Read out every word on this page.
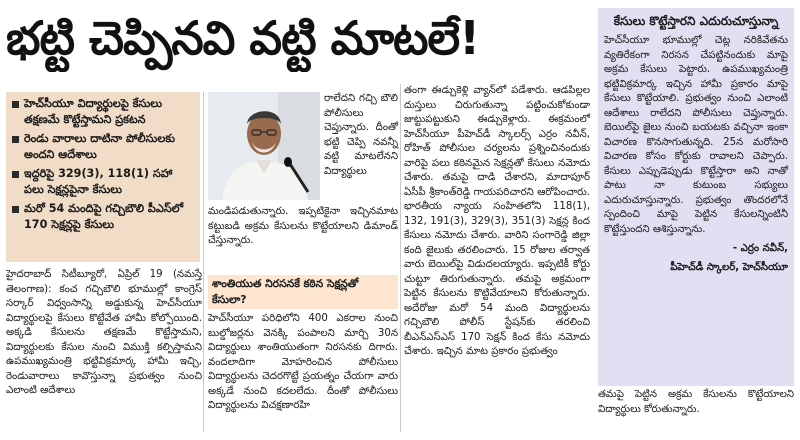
భట్టి చెప్పినవి వట్టి మాటలే!
హెచ్‌సీయూ విద్యార్థులపై కేసులు తక్షణమే కొట్టేస్తామని ప్రకటన
రెండు వారాలు దాటినా పోలీసులకు అందని ఆదేశాలు
ఇద్దరిపై 329(3), 118(1) సహా పలు సెక్షన్లపైనా కేసులు
మరో 54 మందిపై గచ్చిబౌలి పీఎస్‌లో 170 సెక్షన్లపై కేసులు
రాలేదని గచ్చి బౌలి పోలీసులు చెప్తున్నారు. దీంతో భట్టి చెప్పి నవన్నీ వట్టి మాటలేనని విద్యార్థులు
హైదరాబాద్ సిటీబ్యూరో, ఏప్రిల్ 19 (నమస్తే తెలంగాణ): కంచ గచ్చిబౌలి భూముల్లో కాంగ్రెస్ సర్కార్ విధ్వంసాన్ని అడ్డుకున్న హెచ్‌సీయూ విద్యార్థులపై కేసులు కొట్టేవేత హామీ కోల్పోయింది. అక్కడి కేసులను తక్షణమే కొట్టేస్తామని, విద్యార్థులకు కేసుల నుంచి విముక్తి కల్పిస్తామని ఉపముఖ్యమంత్రి భట్టివిక్రమార్క హామీ ఇచ్చి, రెండువారాలు కావొస్తున్నా ప్రభుత్వం నుంచి ఎలాంటి ఆదేశాలు
మండిపడుతున్నారు. ఇప్పటికైనా ఇచ్చినమాట కట్టుబడి అక్రమ కేసులను కొట్టేయాలని డిమాండ్ చేస్తున్నారు.
శాంతియుత నిరసనకే కఠిన సెక్షన్లతో కేసులా?
హెచ్‌సీయూ పరిధిలోని 400 ఎకరాల నుంచి బుల్డోజర్లను వెనక్కి పంపాలని మార్చి 30న విద్యార్థులు శాంతియుతంగా నిరసనకు దిగారు. వందలాదిగా మోహరించిన పోలీసులు విద్యార్థులను చెదరగొట్టే ప్రయత్నం చేయగా వారు అక్కడే నుంచి కదలలేదు. దీంతో పోలీసులు విద్యార్థులను విచక్షణారహి
తంగా ఈడ్చుకెళ్లి వ్యాన్‌లో పడేశారు. ఆడపిల్లల దుస్తులు చిరుగుతున్నా పట్టించుకోకుండా జుట్టుపట్టుకుని ఈడ్చుకెళ్లారు. ఈక్రమంలో హెచ్‌సీయూ పీహెచ్‌డీ స్కాలర్స్ ఎర్రం నవీన్, రోహిత్ పోలీసుల చర్యలను ప్రశ్నించినందుకు వారిపై పలు కఠినమైన సెక్షన్లతో కేసులు నమోదు చేశారు. తమపై దాడి చేశారని, మాదాపూర్ ఏసీపీ శ్రీకాంత్‌రెడ్డి గాయపరిచారని ఆరోపించారు. భారతీయ న్యాయ సంహితలోని 118(1), 132, 191(3), 329(3), 351(3) సెక్షన్ల కింద కేసులు నమోదు చేశారు. వారిని సంగారెడ్డి జిల్లా కంది జైలుకు తరలించారు. 15 రోజుల తర్వాత వారు బెయిల్‌పై విడుదలయ్యారు. ఇప్పటికీ కోర్టు చుట్టూ తిరుగుతున్నారు. తమపై అక్రమంగా పెట్టిన కేసులను కొట్టివేయాలని కోరుతున్నారు. అదేరోజు మరో 54 మంది విద్యార్థులను గచ్చిబౌలి పోలీస్ స్టేషన్‌కు తరలించి బీఎన్ఎస్ఎస్ 170 సెక్షన్ కింద కేసు నమోదు చేశారు. ఇచ్చిన మాట ప్రకారం ప్రభుత్వం
కేసులు కొట్టేస్తారని ఎదురుచూస్తున్నా
హెచ్‌సీయూ భూముల్లో చెట్ల నరికివేతను వ్యతిరేకంగా నిరసన చేపట్టినందుకు మాపై అక్రమ కేసులు పెట్టారు. ఉపముఖ్యమంత్రి భట్టివిక్రమార్క ఇచ్చిన హామీ ప్రకారం మాపై కేసులు కొట్టేయాలి. ప్రభుత్వం నుంచి ఎలాంటి ఆదేశాలు రాలేదని పోలీసులు చెప్తున్నారు. బెయిల్‌పై జైలు నుంచి బయటకు వచ్చినా ఇంకా విచారణ కొనసాగుతున్నది. 25న మరోసారి విచారణ కోసం కోర్టుకు రావాలని చెప్పారు. కేసులు ఎప్పుడెప్పుడు కొట్టేస్తారా అని నాతో పాటు నా కుటుంబ సభ్యులు ఎదురుచూస్తున్నారు. ప్రభుత్వం తొందరలోనే స్పందించి మాపై పెట్టిన కేసులన్నింటినీ కొట్టేస్తుందని ఆశిస్తున్నాను.
- ఎర్రం నవీన్,
పీహెచ్‌డీ స్కాలర్, హెచ్‌సీయూ
తమపై పెట్టిన అక్రమ కేసులను కొట్టేయాలని విద్యార్థులు కోరుతున్నారు.
